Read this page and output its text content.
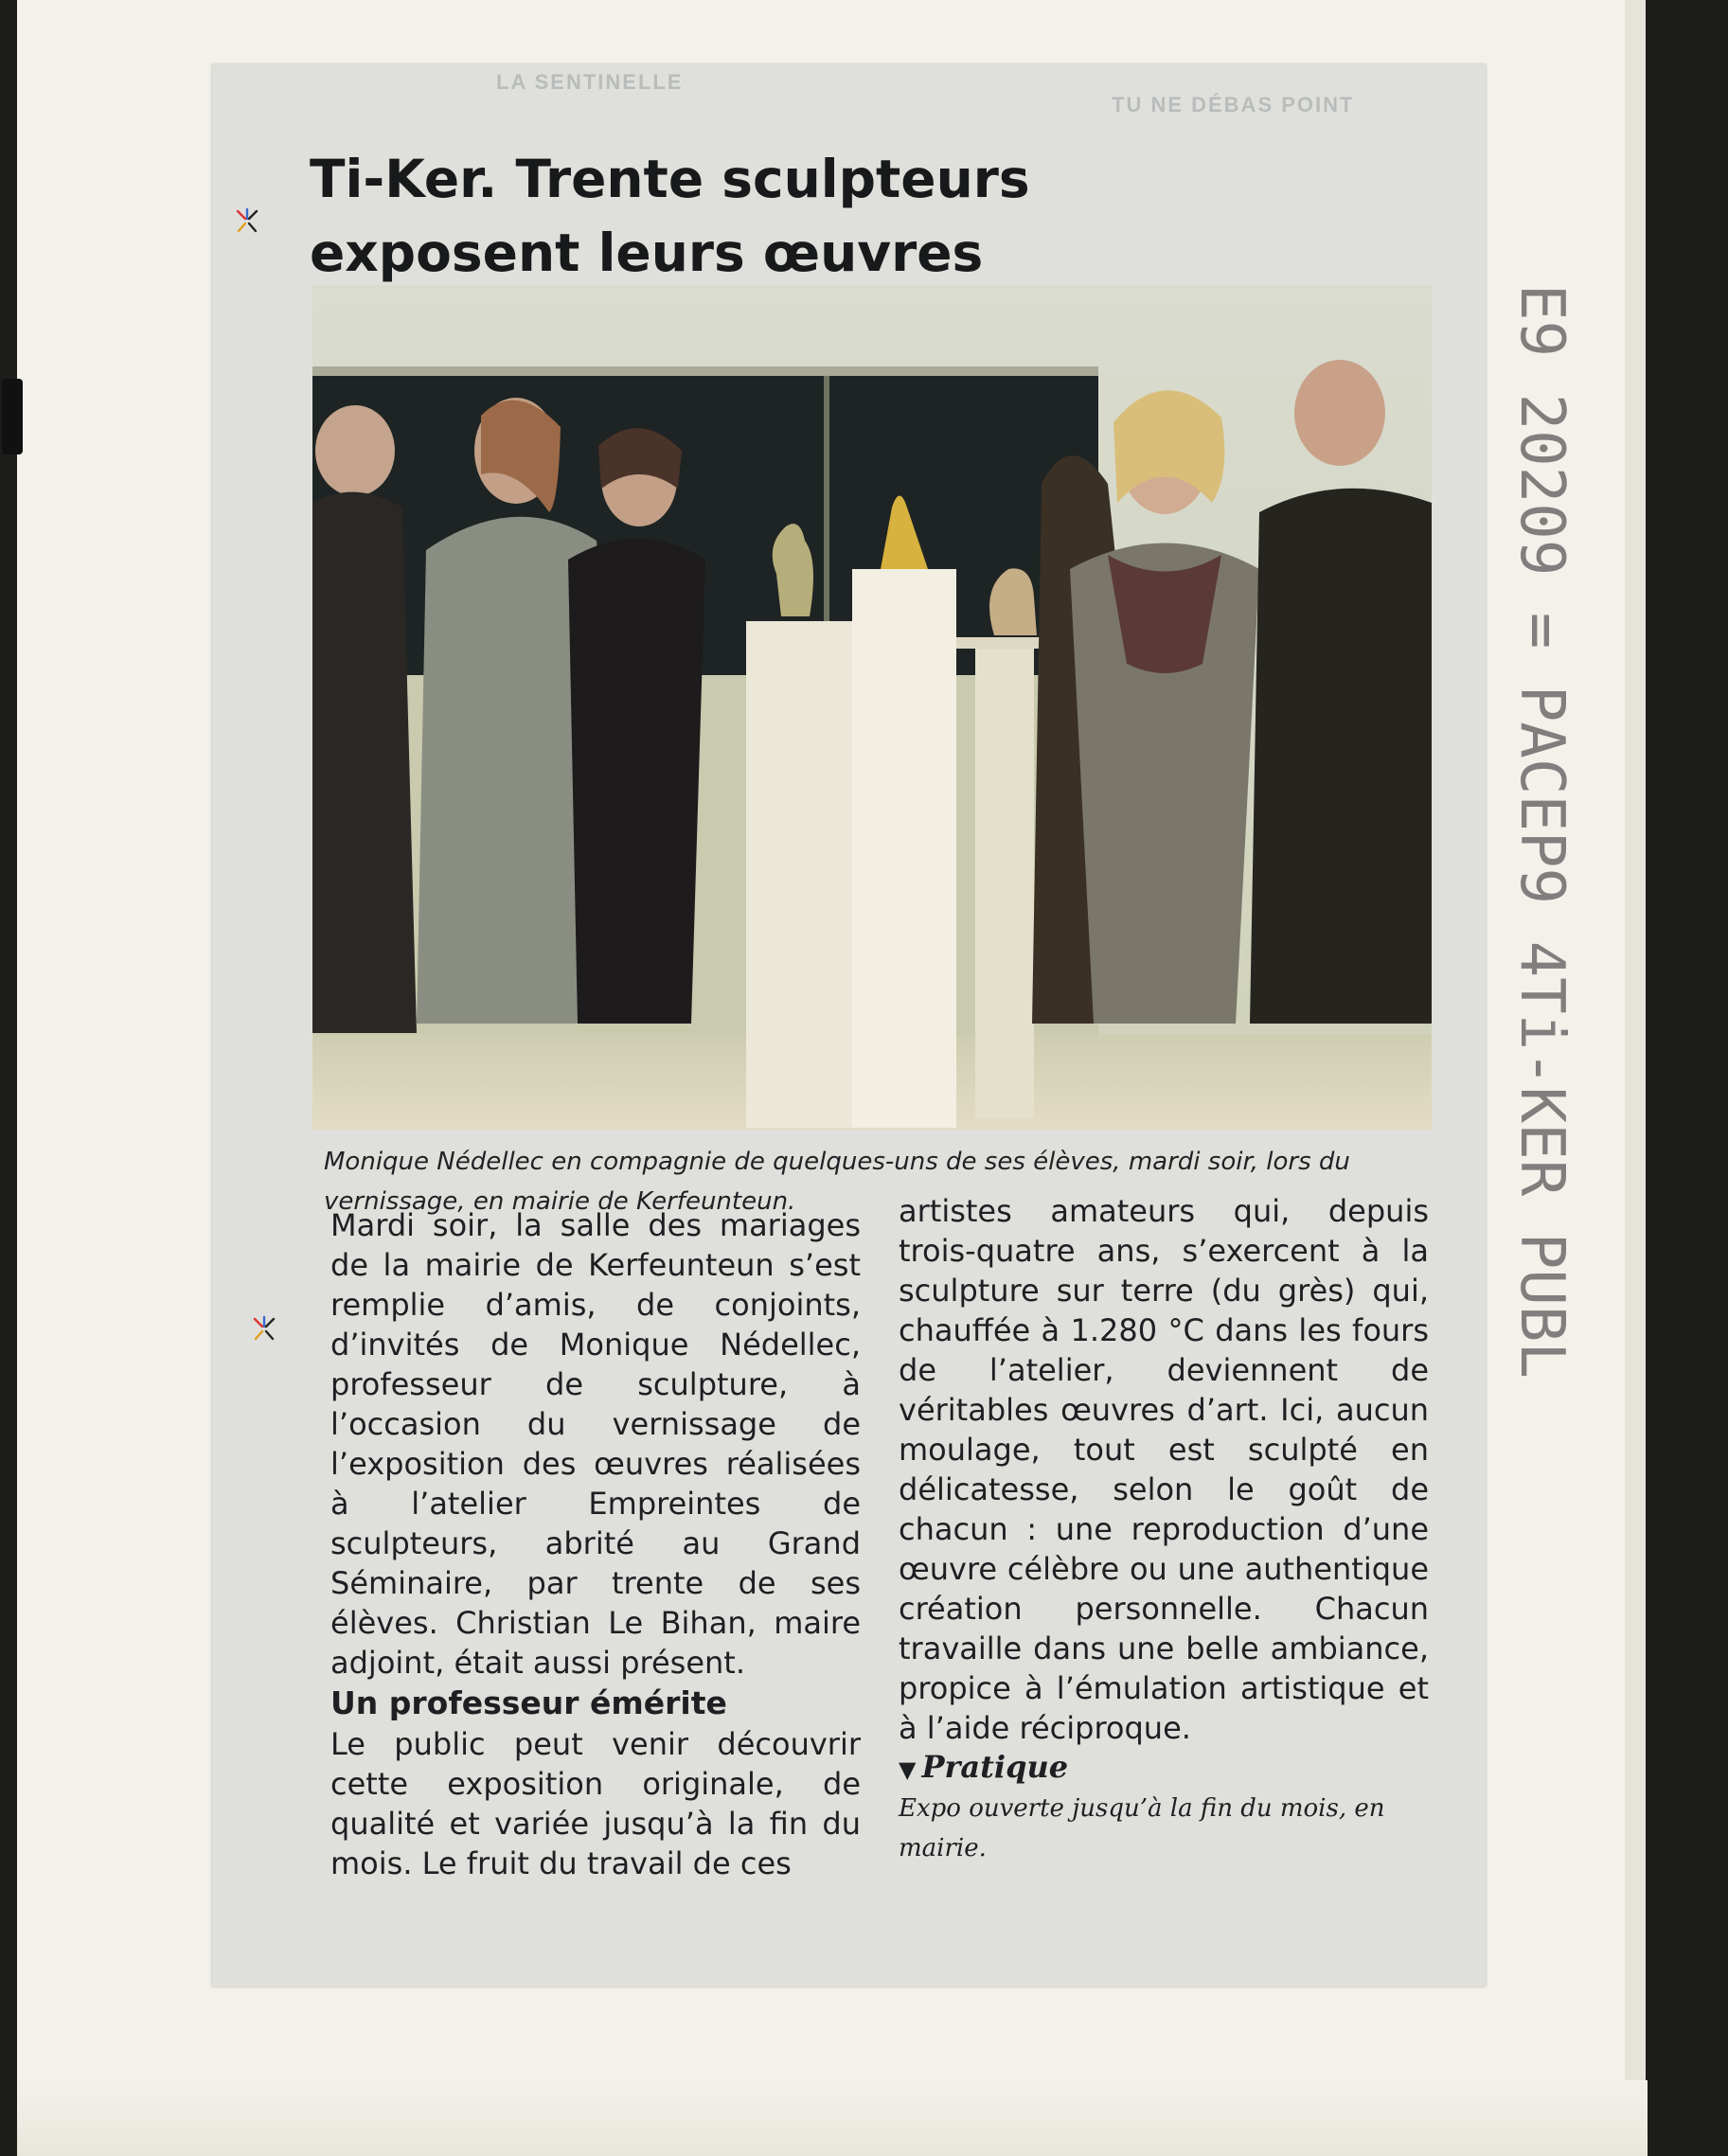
LA SENTINELLE
TU NE DÉBAS POINT
Ti-Ker. Trente sculpteurs
exposent leurs œuvres

Monique Nédellec en compagnie de quelques-uns de ses élèves, mardi soir, lors du vernissage, en mairie de Kerfeunteun.

Mardi soir, la salle des mariages de la mairie de Kerfeunteun s’est remplie d’amis, de conjoints, d’invités de Monique Nédellec, professeur de sculpture, à l’occasion du vernissage de l’exposition des œuvres réalisées à l’atelier Empreintes de sculpteurs, abrité au Grand Séminaire, par trente de ses élèves. Christian Le Bihan, maire adjoint, était aussi présent.

Un professeur émérite

Le public peut venir découvrir cette exposition originale, de qualité et variée jusqu’à la fin du mois. Le fruit du travail de ces

artistes amateurs qui, depuis trois-quatre ans, s’exercent à la sculpture sur terre (du grès) qui, chauffée à 1.280 °C dans les fours de l’atelier, deviennent de véritables œuvres d’art. Ici, aucun moulage, tout est sculpté en délicatesse, selon le goût de chacun : une reproduction d’une œuvre célèbre ou une authentique création personnelle. Chacun travaille dans une belle ambiance, propice à l’émulation artistique et à l’aide réciproque.

▼ Pratique

Expo ouverte jusqu’à la fin du mois, en mairie.

E9 20209 = PACEP9 4Ti-KER PUBL
